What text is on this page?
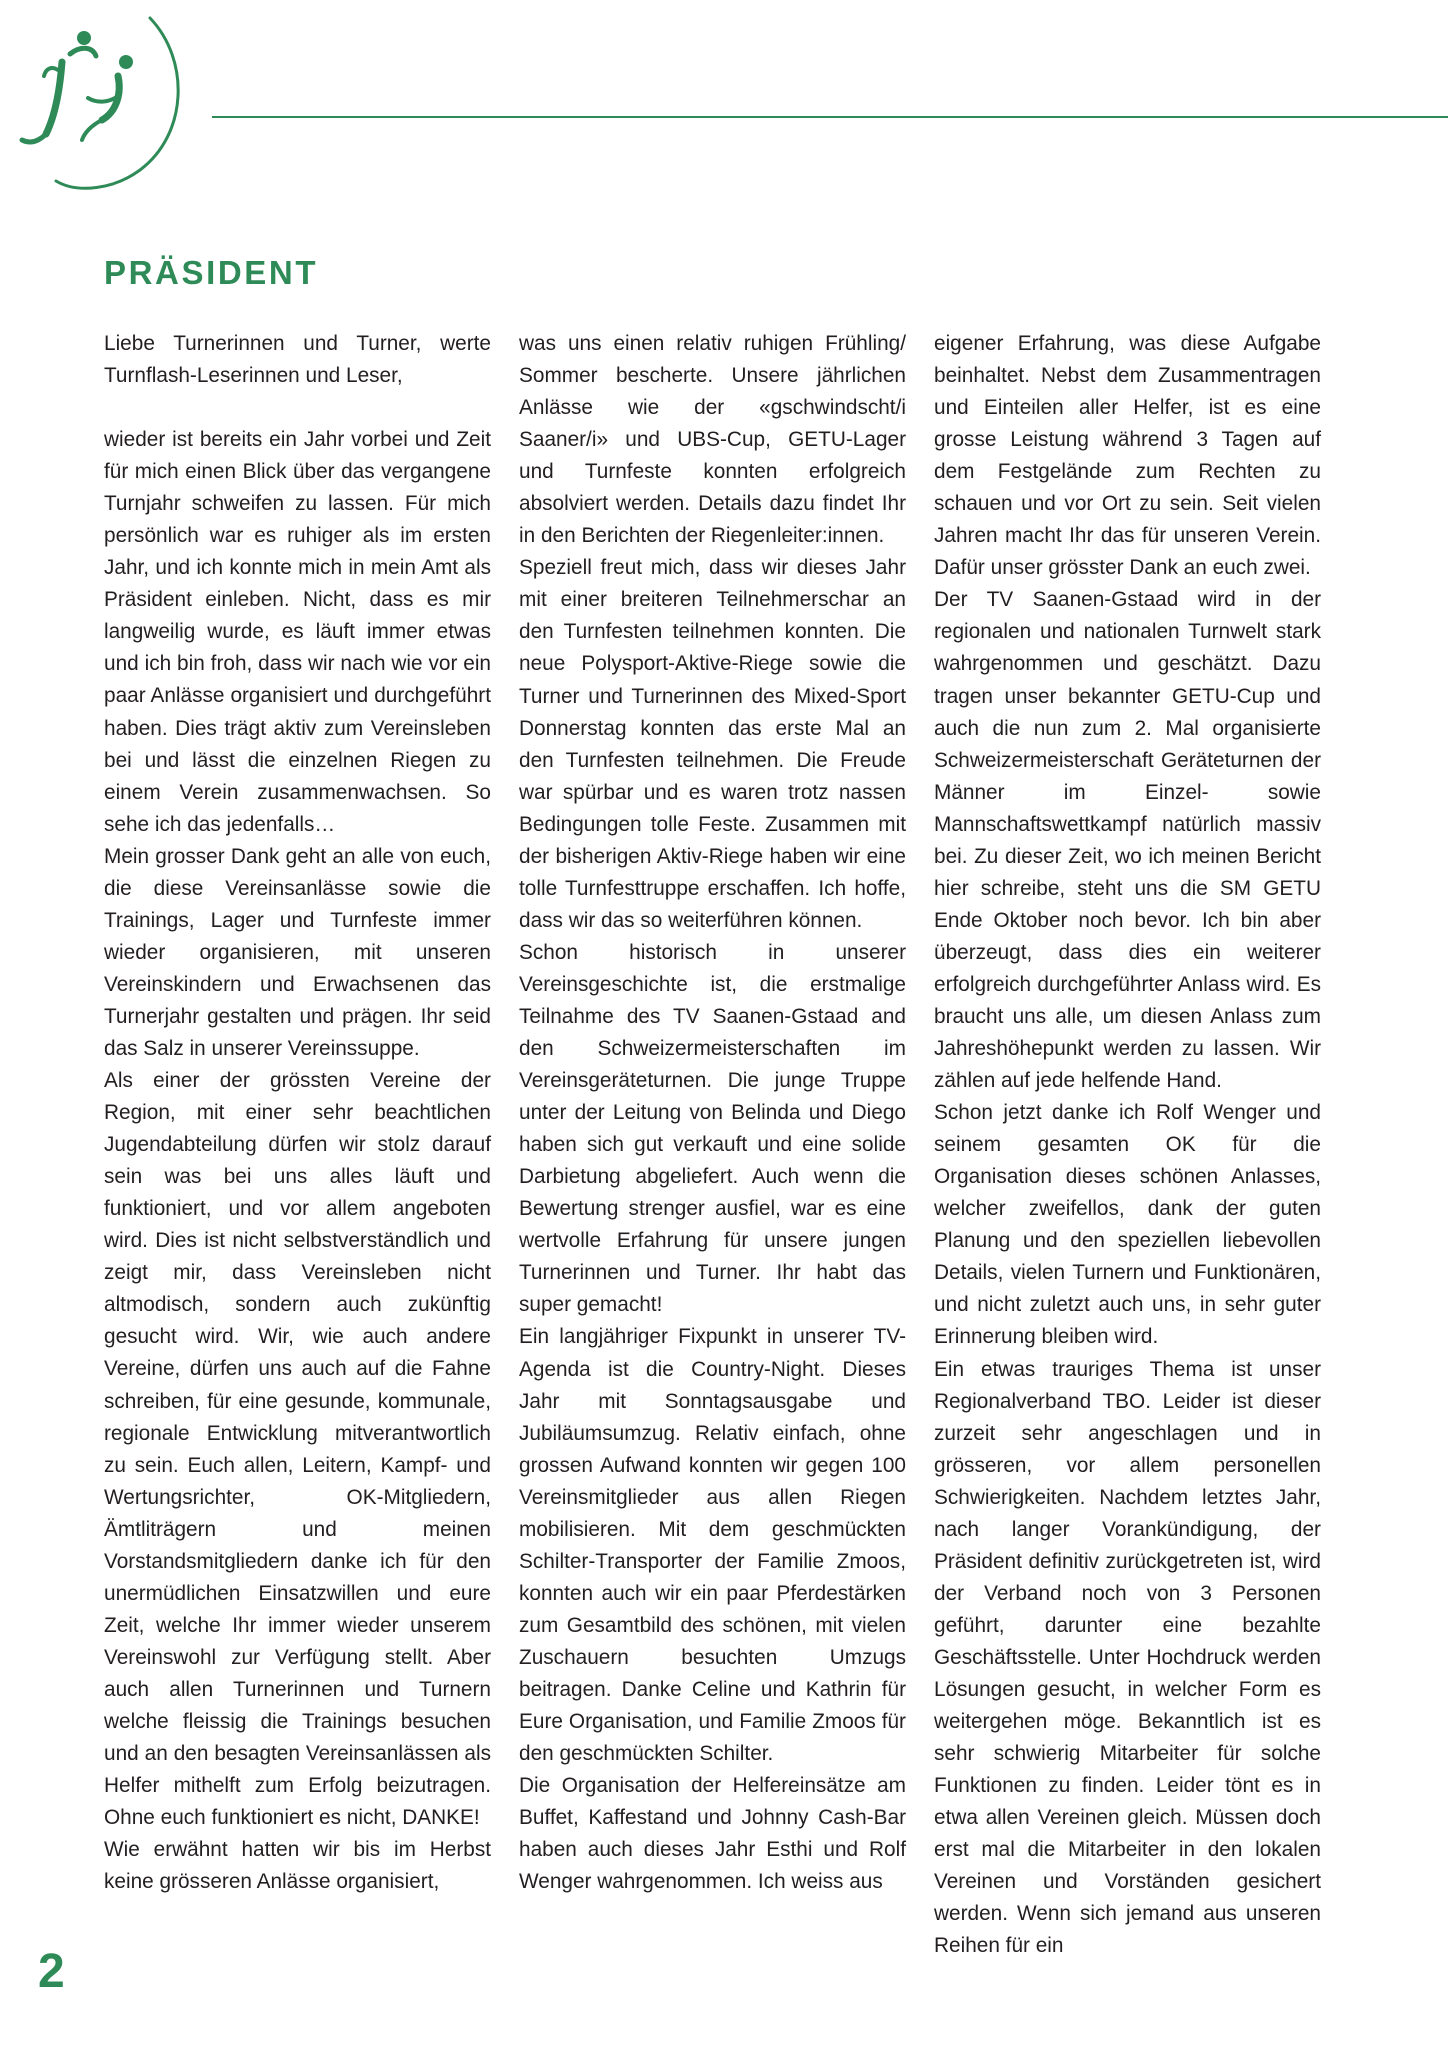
PRÄSIDENT

Liebe Turnerinnen und Turner, werte Turnflash-Leserinnen und Leser,

wieder ist bereits ein Jahr vorbei und Zeit für mich einen Blick über das vergangene Turnjahr schweifen zu lassen. Für mich persönlich war es ruhiger als im ersten Jahr, und ich konnte mich in mein Amt als Präsident einleben. Nicht, dass es mir langweilig wurde, es läuft immer etwas und ich bin froh, dass wir nach wie vor ein paar Anlässe organisiert und durchgeführt haben. Dies trägt aktiv zum Vereinsleben bei und lässt die einzelnen Riegen zu einem Verein zusammenwachsen. So sehe ich das jedenfalls…

Mein grosser Dank geht an alle von euch, die diese Vereinsanlässe sowie die Trainings, Lager und Turnfeste immer wieder organisieren, mit unseren Vereinskindern und Erwachsenen das Turnerjahr gestalten und prägen. Ihr seid das Salz in unserer Vereinssuppe.

Als einer der grössten Vereine der Region, mit einer sehr beachtlichen Jugendabteilung dürfen wir stolz darauf sein was bei uns alles läuft und funktioniert, und vor allem angeboten wird. Dies ist nicht selbstverständlich und zeigt mir, dass Vereinsleben nicht altmodisch, sondern auch zukünftig gesucht wird. Wir, wie auch andere Vereine, dürfen uns auch auf die Fahne schreiben, für eine gesunde, kommunale, regionale Entwicklung mitverantwortlich zu sein. Euch allen, Leitern, Kampf- und Wertungsrichter, OK-Mitgliedern, Ämtliträgern und meinen Vorstandsmitgliedern danke ich für den unermüdlichen Einsatzwillen und eure Zeit, welche Ihr immer wieder unserem Vereinswohl zur Verfügung stellt. Aber auch allen Turnerinnen und Turnern welche fleissig die Trainings besuchen und an den besagten Vereinsanlässen als Helfer mithelft zum Erfolg beizutragen. Ohne euch funktioniert es nicht, DANKE!

Wie erwähnt hatten wir bis im Herbst keine grösseren Anlässe organisiert,

was uns einen relativ ruhigen Frühling/ Sommer bescherte. Unsere jährlichen Anlässe wie der «gschwindscht/i Saaner/i» und UBS-Cup, GETU-Lager und Turnfeste konnten erfolgreich absolviert werden. Details dazu findet Ihr in den Berichten der Riegenleiter:innen.

Speziell freut mich, dass wir dieses Jahr mit einer breiteren Teilnehmerschar an den Turnfesten teilnehmen konnten. Die neue Polysport-Aktive-Riege sowie die Turner und Turnerinnen des Mixed-Sport Donnerstag konnten das erste Mal an den Turnfesten teilnehmen. Die Freude war spürbar und es waren trotz nassen Bedingungen tolle Feste. Zusammen mit der bisherigen Aktiv-Riege haben wir eine tolle Turnfesttruppe erschaffen. Ich hoffe, dass wir das so weiterführen können.

Schon historisch in unserer Vereinsgeschichte ist, die erstmalige Teilnahme des TV Saanen-Gstaad and den Schweizermeisterschaften im Vereinsgeräteturnen. Die junge Truppe unter der Leitung von Belinda und Diego haben sich gut verkauft und eine solide Darbietung abgeliefert. Auch wenn die Bewertung strenger ausfiel, war es eine wertvolle Erfahrung für unsere jungen Turnerinnen und Turner. Ihr habt das super gemacht!

Ein langjähriger Fixpunkt in unserer TV-Agenda ist die Country-Night. Dieses Jahr mit Sonntagsausgabe und Jubiläumsumzug. Relativ einfach, ohne grossen Aufwand konnten wir gegen 100 Vereinsmitglieder aus allen Riegen mobilisieren. Mit dem geschmückten Schilter-Transporter der Familie Zmoos, konnten auch wir ein paar Pferdestärken zum Gesamtbild des schönen, mit vielen Zuschauern besuchten Umzugs beitragen. Danke Celine und Kathrin für Eure Organisation, und Familie Zmoos für den geschmückten Schilter.

Die Organisation der Helfereinsätze am Buffet, Kaffestand und Johnny Cash-Bar haben auch dieses Jahr Esthi und Rolf Wenger wahrgenommen. Ich weiss aus

eigener Erfahrung, was diese Aufgabe beinhaltet. Nebst dem Zusammentragen und Einteilen aller Helfer, ist es eine grosse Leistung während 3 Tagen auf dem Festgelände zum Rechten zu schauen und vor Ort zu sein. Seit vielen Jahren macht Ihr das für unseren Verein. Dafür unser grösster Dank an euch zwei.

Der TV Saanen-Gstaad wird in der regionalen und nationalen Turnwelt stark wahrgenommen und geschätzt. Dazu tragen unser bekannter GETU-Cup und auch die nun zum 2. Mal organisierte Schweizermeisterschaft Geräteturnen der Männer im Einzel- sowie Mannschaftswettkampf natürlich massiv bei. Zu dieser Zeit, wo ich meinen Bericht hier schreibe, steht uns die SM GETU Ende Oktober noch bevor. Ich bin aber überzeugt, dass dies ein weiterer erfolgreich durchgeführter Anlass wird. Es braucht uns alle, um diesen Anlass zum Jahreshöhepunkt werden zu lassen. Wir zählen auf jede helfende Hand.

Schon jetzt danke ich Rolf Wenger und seinem gesamten OK für die Organisation dieses schönen Anlasses, welcher zweifellos, dank der guten Planung und den speziellen liebevollen Details, vielen Turnern und Funktionären, und nicht zuletzt auch uns, in sehr guter Erinnerung bleiben wird.

Ein etwas trauriges Thema ist unser Regionalverband TBO. Leider ist dieser zurzeit sehr angeschlagen und in grösseren, vor allem personellen Schwierigkeiten. Nachdem letztes Jahr, nach langer Vorankündigung, der Präsident definitiv zurückgetreten ist, wird der Verband noch von 3 Personen geführt, darunter eine bezahlte Geschäftsstelle. Unter Hochdruck werden Lösungen gesucht, in welcher Form es weitergehen möge. Bekanntlich ist es sehr schwierig Mitarbeiter für solche Funktionen zu finden. Leider tönt es in etwa allen Vereinen gleich. Müssen doch erst mal die Mitarbeiter in den lokalen Vereinen und Vorständen gesichert werden. Wenn sich jemand aus unseren Reihen für ein

2
